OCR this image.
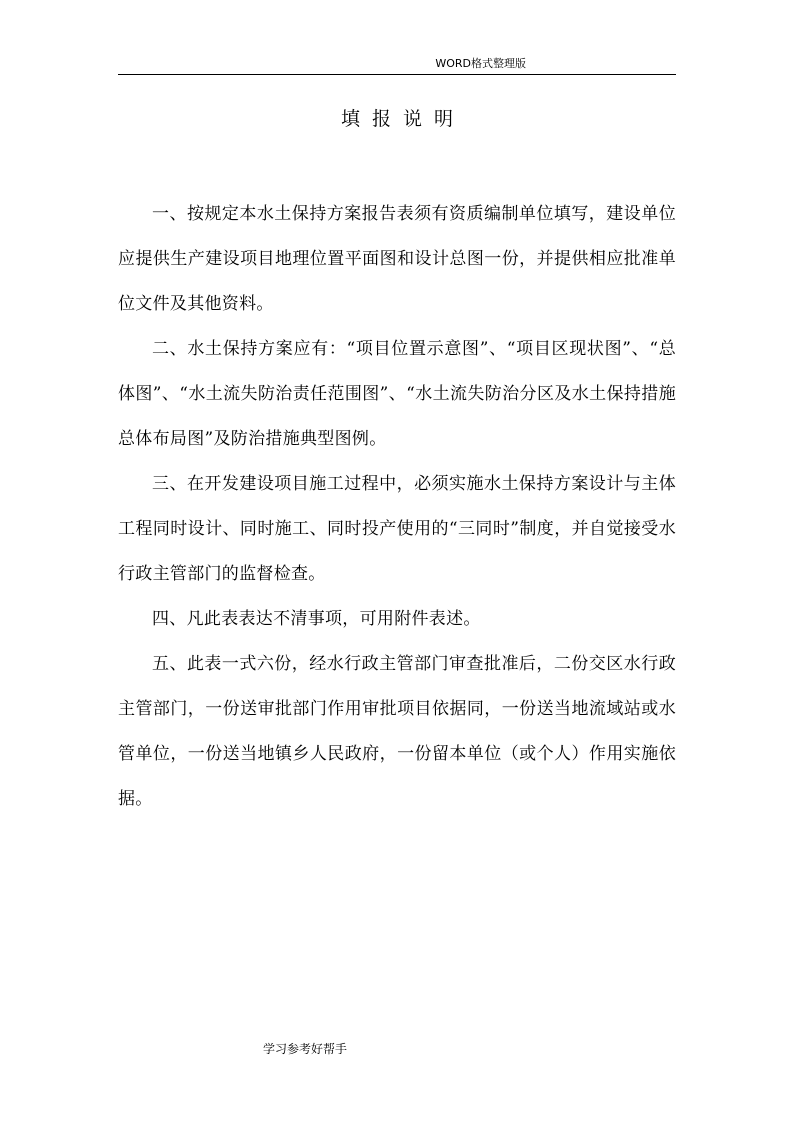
WORD格式整理版
填报说明

一、按规定本水土保持方案报告表须有资质编制单位填写，建设单位应提供生产建设项目地理位置平面图和设计总图一份，并提供相应批准单位文件及其他资料。

二、水土保持方案应有：“项目位置示意图”、“项目区现状图”、“总体图”、“水土流失防治责任范围图”、“水土流失防治分区及水土保持措施总体布局图”及防治措施典型图例。

三、在开发建设项目施工过程中，必须实施水土保持方案设计与主体工程同时设计、同时施工、同时投产使用的“三同时”制度，并自觉接受水行政主管部门的监督检查。

四、凡此表表达不清事项，可用附件表述。

五、此表一式六份，经水行政主管部门审查批准后，二份交区水行政主管部门，一份送审批部门作用审批项目依据同，一份送当地流域站或水管单位，一份送当地镇乡人民政府，一份留本单位（或个人）作用实施依据。

学习参考好帮手
